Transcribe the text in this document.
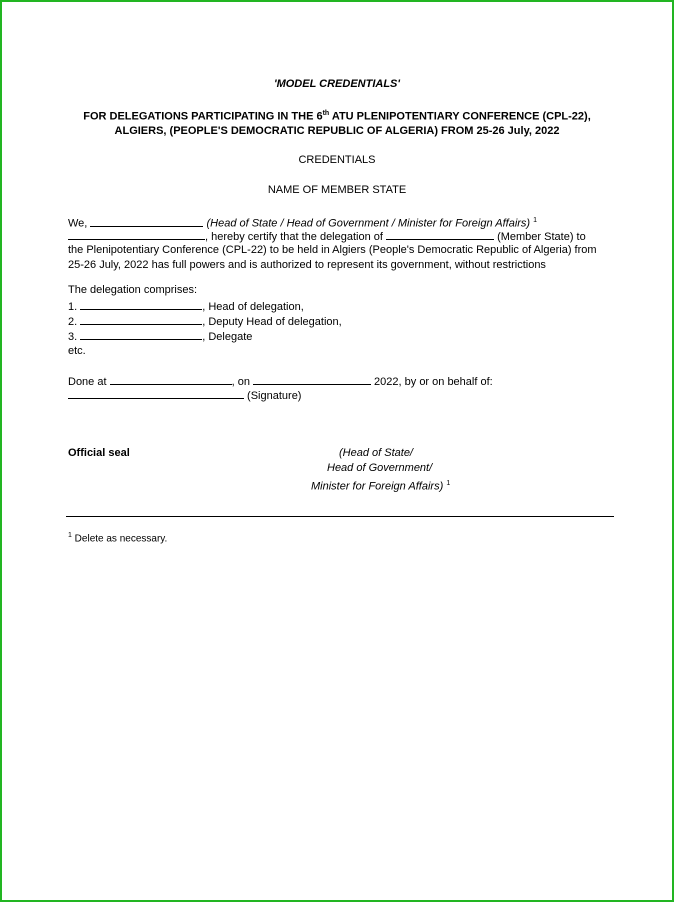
'MODEL CREDENTIALS'
FOR DELEGATIONS PARTICIPATING IN THE 6th ATU PLENIPOTENTIARY CONFERENCE (CPL-22),
ALGIERS, (PEOPLE'S DEMOCRATIC REPUBLIC OF ALGERIA) FROM 25-26 July, 2022
CREDENTIALS
NAME OF MEMBER STATE
We,	(Head of State / Head of Government / Minister for Foreign Affairs) $^1$
, hereby certify that the delegation of	(Member State) to
the Plenipotentiary Conference (CPL-22) to be held in Algiers (People's Democratic Republic of Algeria) from
25-26 July, 2022 has full powers and is authorized to represent its government, without restrictions
The delegation comprises:
1.	, Head of delegation,
2.	, Deputy Head of delegation,
3.	, Delegate
etc.
Done at	, on	2022, by or on behalf of:
(Signature)
Official seal	(Head of State/
Head of Government/
Minister for Foreign Affairs) $^1$
$^1$ Delete as necessary.
